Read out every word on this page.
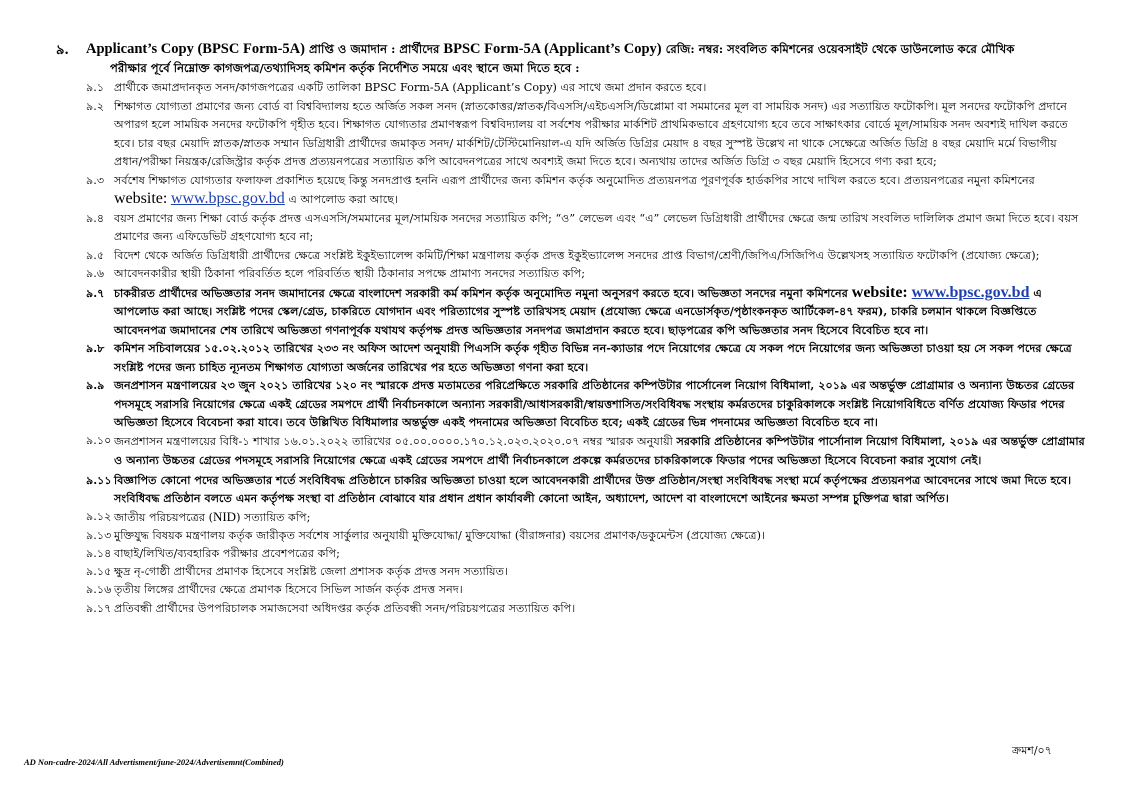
৯. Applicant’s Copy (BPSC Form-5A) প্রাপ্তি ও জমাদান : প্রার্থীদের BPSC Form-5A (Applicant’s Copy) রেজি: নম্বর: সংবলিত কমিশনের ওয়েবসাইট থেকে ডাউনলোড করে মৌখিক
পরীক্ষার পূর্বে নিম্নোক্ত কাগজপত্র/তথ্যাদিসহ কমিশন কর্তৃক নির্দেশিত সময়ে এবং স্থানে জমা দিতে হবে :
৯.১ প্রার্থীকে জমাপ্রদানকৃত সনদ/কাগজপত্রের একটি তালিকা BPSC Form-5A (Applicant’s Copy) এর সাথে জমা প্রদান করতে হবে।
৯.২ শিক্ষাগত যোগ্যতা প্রমাণের জন্য বোর্ড বা বিশ্ববিদ্যালয় হতে অর্জিত সকল সনদ (স্নাতকোত্তর/স্নাতক/বিএসসি/এইচএসসি/ডিপ্লোমা বা সমমানের মূল বা সাময়িক সনদ) এর সত্যায়িত ফটোকপি। মূল সনদের ফটোকপি প্রদানে অপারগ হলে সাময়িক সনদের ফটোকপি গৃহীত হবে। শিক্ষাগত যোগ্যতার প্রমাণস্বরূপ বিশ্ববিদ্যালয় বা সর্বশেষ পরীক্ষার মার্কশিট প্রাথমিকভাবে গ্রহণযোগ্য হবে তবে সাক্ষাৎকার বোর্ডে মূল/সাময়িক সনদ অবশ্যই দাখিল করতে হবে। চার বছর মেয়াদি স্নাতক/স্নাতক সম্মান ডিগ্রিধারী প্রার্থীদের জমাকৃত সনদ/ মার্কশিট/টেস্টিমোনিয়াল-এ যদি অর্জিত ডিগ্রির মেয়াদ ৪ বছর সুস্পষ্ট উল্লেখ না থাকে সেক্ষেত্রে অর্জিত ডিগ্রি ৪ বছর মেয়াদি মর্মে বিভাগীয় প্রধান/পরীক্ষা নিয়ন্ত্রক/রেজিস্ট্রার কর্তৃক প্রদত্ত প্রত্যয়নপত্রের সত্যায়িত কপি আবেদনপত্রের সাথে অবশ্যই জমা দিতে হবে। অন্যথায় তাদের অর্জিত ডিগ্রি ৩ বছর মেয়াদি হিসেবে গণ্য করা হবে;
৯.৩ সর্বশেষ শিক্ষাগত যোগ্যতার ফলাফল প্রকাশিত হয়েছে কিন্তু সনদপ্রাপ্ত হননি এরূপ প্রার্থীদের জন্য কমিশন কর্তৃক অনুমোদিত প্রত্যয়নপত্র পূরণপূর্বক হার্ডকপির সাথে দাখিল করতে হবে। প্রত্যয়নপত্রের নমুনা কমিশনের website: www.bpsc.gov.bd এ আপলোড করা আছে।
৯.৪ বয়স প্রমাণের জন্য শিক্ষা বোর্ড কর্তৃক প্রদত্ত এসএসসি/সমমানের মূল/সাময়িক সনদের সত্যায়িত কপি; “ও” লেভেল এবং “এ” লেভেল ডিগ্রিধারী প্রার্থীদের ক্ষেত্রে জন্ম তারিখ সংবলিত দালিলিক প্রমাণ জমা দিতে হবে। বয়স প্রমাণের জন্য এফিডেভিট গ্রহণযোগ্য হবে না;
৯.৫ বিদেশ থেকে অর্জিত ডিগ্রিধারী প্রার্থীদের ক্ষেত্রে সংশ্লিষ্ট ইকুইভ্যালেন্স কমিটি/শিক্ষা মন্ত্রণালয় কর্তৃক প্রদত্ত ইকুইভ্যালেন্স সনদের প্রাপ্ত বিভাগ/শ্রেণী/জিপিএ/সিজিপিএ উল্লেখসহ সত্যায়িত ফটোকপি (প্রযোজ্য ক্ষেত্রে);
৯.৬ আবেদনকারীর স্থায়ী ঠিকানা পরিবর্তিত হলে পরিবর্তিত স্থায়ী ঠিকানার সপক্ষে প্রামাণ্য সনদের সত্যায়িত কপি;
৯.৭ চাকরীরত প্রার্থীদের অভিজ্ঞতার সনদ জমাদানের ক্ষেত্রে বাংলাদেশ সরকারী কর্ম কমিশন কর্তৃক অনুমোদিত নমুনা অনুসরণ করতে হবে। অভিজ্ঞতা সনদের নমুনা কমিশনের website: www.bpsc.gov.bd এ আপলোড করা আছে। সংশ্লিষ্ট পদের স্কেল/গ্রেড, চাকরিতে যোগদান এবং পরিত্যাগের সুস্পষ্ট তারিখসহ মেয়াদ (প্রযোজ্য ক্ষেত্রে এনডোর্সকৃত/পৃষ্ঠাংকনকৃত আর্টিকেল-৪৭ ফরম), চাকরি চলমান থাকলে বিজ্ঞপ্তিতে আবেদনপত্র জমাদানের শেষ তারিখে অভিজ্ঞতা গণনাপূর্বক যথাযথ কর্তৃপক্ষ প্রদত্ত অভিজ্ঞতার সনদপত্র জমাপ্রদান করতে হবে। ছাড়পত্রের কপি অভিজ্ঞতার সনদ হিসেবে বিবেচিত হবে না।
৯.৮ কমিশন সচিবালয়ের ১৫.০২.২০১২ তারিখের ২৩৩ নং অফিস আদেশ অনুযায়ী পিএসসি কর্তৃক গৃহীত বিভিন্ন নন-ক্যাডার পদে নিয়োগের ক্ষেত্রে যে সকল পদে নিয়োগের জন্য অভিজ্ঞতা চাওয়া হয় সে সকল পদের ক্ষেত্রে সংশ্লিষ্ট পদের জন্য চাহিত ন্যূনতম শিক্ষাগত যোগ্যতা অর্জনের তারিখের পর হতে অভিজ্ঞতা গণনা করা হবে।
৯.৯ জনপ্রশাসন মন্ত্রণালয়ের ২৩ জুন ২০২১ তারিখের ১২০ নং স্মারকে প্রদত্ত মতামতের পরিপ্রেক্ষিতে সরকারি প্রতিষ্ঠানের কম্পিউটার পার্সোনেল নিয়োগ বিধিমালা, ২০১৯ এর অন্তর্ভুক্ত প্রোগ্রামার ও অন্যান্য উচ্চতর গ্রেডের পদসমূহে সরাসরি নিয়োগের ক্ষেত্রে একই গ্রেডের সমপদে প্রার্থী নির্বাচনকালে অন্যান্য সরকারী/আধাসরকারী/স্বায়ত্তশাসিত/সংবিধিবদ্ধ সংস্থায় কর্মরতদের চাকুরিকালকে সংশ্লিষ্ট নিয়োগবিধিতে বর্ণিত প্রযোজ্য ফিডার পদের অভিজ্ঞতা হিসেবে বিবেচনা করা যাবে। তবে উল্লিখিত বিধিমালার অন্তর্ভুক্ত একই পদনামের অভিজ্ঞতা বিবেচিত হবে; একই গ্রেডের ভিন্ন পদনামের অভিজ্ঞতা বিবেচিত হবে না।
৯.১০ জনপ্রশাসন মন্ত্রণালয়ের বিধি-১ শাখার ১৬.০১.২০২২ তারিখের ০৫.০০.০০০০.১৭০.১২.০২৩.২০২০.০৭ নম্বর স্মারক অনুযায়ী সরকারি প্রতিষ্ঠানের কম্পিউটার পার্সোনাল নিয়োগ বিধিমালা, ২০১৯ এর অন্তর্ভুক্ত প্রোগ্রামার ও অন্যান্য উচ্চতর গ্রেডের পদসমূহে সরাসরি নিয়োগের ক্ষেত্রে একই গ্রেডের সমপদে প্রার্থী নির্বাচনকালে প্রকল্পে কর্মরতদের চাকরিকালকে ফিডার পদের অভিজ্ঞতা হিসেবে বিবেচনা করার সুযোগ নেই।
৯.১১ বিজ্ঞাপিত কোনো পদের অভিজ্ঞতার শর্তে সংবিধিবদ্ধ প্রতিষ্ঠানে চাকরির অভিজ্ঞতা চাওয়া হলে আবেদনকারী প্রার্থীদের উক্ত প্রতিষ্ঠান/সংস্থা সংবিধিবদ্ধ সংস্থা মর্মে কর্তৃপক্ষের প্রত্যয়নপত্র আবেদনের সাথে জমা দিতে হবে। সংবিধিবদ্ধ প্রতিষ্ঠান বলতে এমন কর্তৃপক্ষ সংস্থা বা প্রতিষ্ঠান বোঝাবে যার প্রধান প্রধান কার্যাবলী কোনো আইন, অধ্যাদেশ, আদেশ বা বাংলাদেশে আইনের ক্ষমতা সম্পন্ন চুক্তিপত্র দ্বারা অর্পিত।
৯.১২ জাতীয় পরিচয়পত্রের (NID) সত্যায়িত কপি;
৯.১৩ মুক্তিযুদ্ধ বিষয়ক মন্ত্রণালয় কর্তৃক জারীকৃত সর্বশেষ সার্কুলার অনুযায়ী মুক্তিযোদ্ধা/ মুক্তিযোদ্ধা (বীরাঙ্গনার) বয়সের প্রমাণক/ডকুমেন্টস (প্রযোজ্য ক্ষেত্রে)।
৯.১৪ বাছাই/লিখিত/ব্যবহারিক পরীক্ষার প্রবেশপত্রের কপি;
৯.১৫ ক্ষুদ্র নৃ-গোষ্ঠী প্রার্থীদের প্রমাণক হিসেবে সংশ্লিষ্ট জেলা প্রশাসক কর্তৃক প্রদত্ত সনদ সত্যায়িত।
৯.১৬ তৃতীয় লিঙ্গের প্রার্থীদের ক্ষেত্রে প্রমাণক হিসেবে সিভিল সার্জন কর্তৃক প্রদত্ত সনদ।
৯.১৭ প্রতিবন্ধী প্রার্থীদের উপপরিচালক সমাজসেবা অধিদপ্তর কর্তৃক প্রতিবন্ধী সনদ/পরিচয়পত্রের সত্যায়িত কপি।
ক্রমশ/০৭
AD Non-cadre-2024/All Advertisment/june-2024/Advertisemnt(Combined)
